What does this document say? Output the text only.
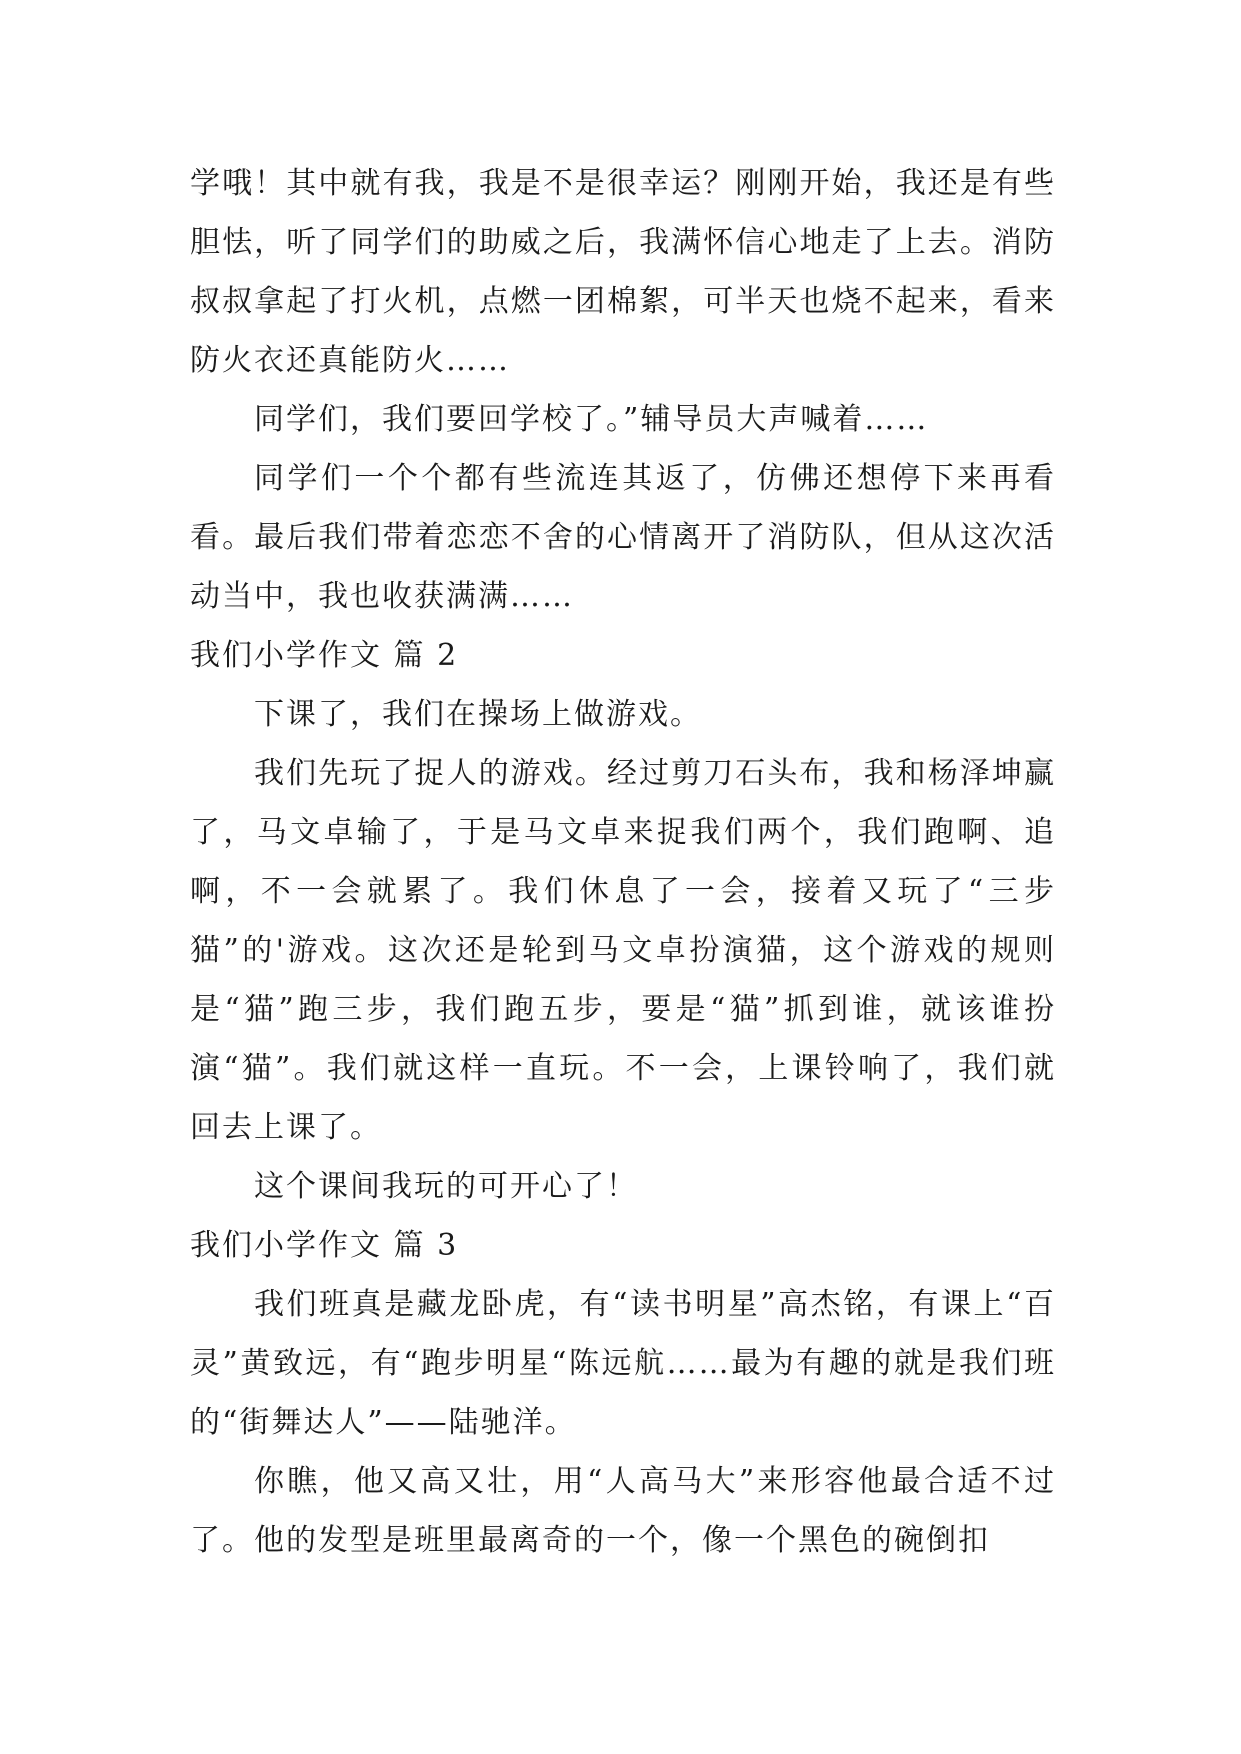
学哦！其中就有我，我是不是很幸运？刚刚开始，我还是有些胆怯，听了同学们的助威之后，我满怀信心地走了上去。消防叔叔拿起了打火机，点燃一团棉絮，可半天也烧不起来，看来防火衣还真能防火……

同学们，我们要回学校了。”辅导员大声喊着……

同学们一个个都有些流连其返了，仿佛还想停下来再看看。最后我们带着恋恋不舍的心情离开了消防队，但从这次活动当中，我也收获满满……

我们小学作文 篇 2

下课了，我们在操场上做游戏。

我们先玩了捉人的游戏。经过剪刀石头布，我和杨泽坤赢了，马文卓输了，于是马文卓来捉我们两个，我们跑啊、追啊，不一会就累了。我们休息了一会，接着又玩了“三步猫”的'游戏。这次还是轮到马文卓扮演猫，这个游戏的规则是“猫”跑三步，我们跑五步，要是“猫”抓到谁，就该谁扮演“猫”。我们就这样一直玩。不一会，上课铃响了，我们就回去上课了。

这个课间我玩的可开心了！

我们小学作文 篇 3

我们班真是藏龙卧虎，有“读书明星”高杰铭，有课上“百灵”黄致远，有“跑步明星“陈远航……最为有趣的就是我们班的“街舞达人”——陆驰洋。

你瞧，他又高又壮，用“人高马大”来形容他最合适不过了。他的发型是班里最离奇的一个，像一个黑色的碗倒扣
